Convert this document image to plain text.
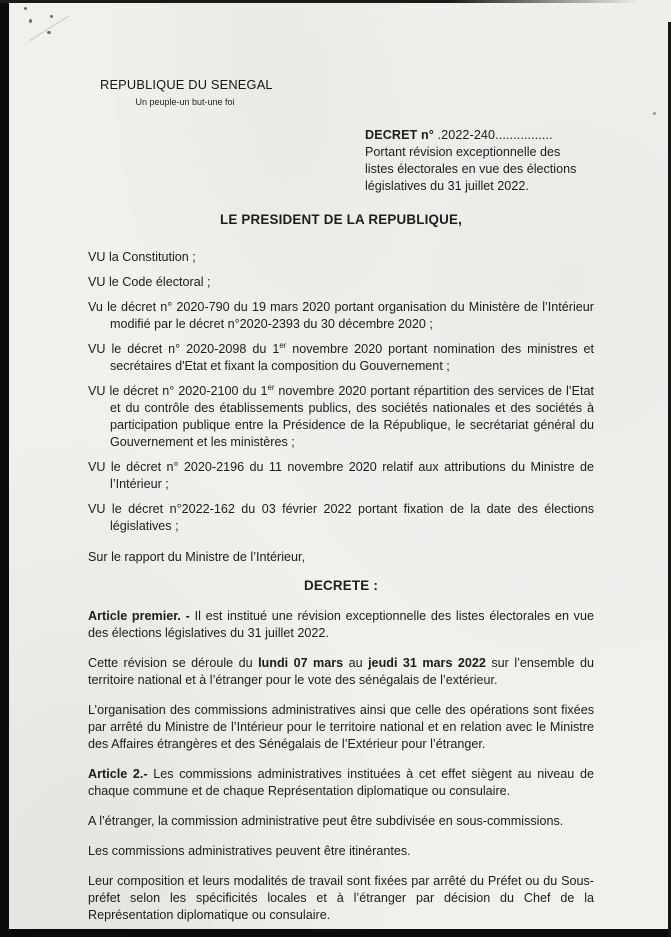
REPUBLIQUE DU SENEGAL
Un peuple-un but-une foi
DECRET n° .2022-240................
Portant révision exceptionnelle des
listes électorales en vue des élections
législatives du 31 juillet 2022.
LE PRESIDENT DE LA REPUBLIQUE,

VU la Constitution ;

VU le Code électoral ;

Vu le décret n° 2020-790 du 19 mars 2020 portant organisation du Ministère de l’Intérieur modifié par le décret n°2020-2393 du 30 décembre 2020 ;

VU le décret n° 2020-2098 du 1er novembre 2020 portant nomination des ministres et secrétaires d'Etat et fixant la composition du Gouvernement ;

VU le décret n° 2020-2100 du 1er novembre 2020 portant répartition des services de l’Etat et du contrôle des établissements publics, des sociétés nationales et des sociétés à participation publique entre la Présidence de la République, le secrétariat général du Gouvernement et les ministères ;

VU le décret n° 2020-2196 du 11 novembre 2020 relatif aux attributions du Ministre de l’Intérieur ;

VU le décret n°2022-162 du 03 février 2022 portant fixation de la date des élections législatives ;

Sur le rapport du Ministre de l’Intérieur,

DECRETE :

Article premier. - Il est institué une révision exceptionnelle des listes électorales en vue des élections législatives du 31 juillet 2022.

Cette révision se déroule du lundi 07 mars au jeudi 31 mars 2022 sur l’ensemble du territoire national et à l’étranger pour le vote des sénégalais de l’extérieur.

L’organisation des commissions administratives ainsi que celle des opérations sont fixées par arrêté du Ministre de l’Intérieur pour le territoire national et en relation avec le Ministre des Affaires étrangères et des Sénégalais de l’Extérieur pour l’étranger.

Article 2.- Les commissions administratives instituées à cet effet siègent au niveau de chaque commune et de chaque Représentation diplomatique ou consulaire.

A l’étranger, la commission administrative peut être subdivisée en sous-commissions.

Les commissions administratives peuvent être itinérantes.

Leur composition et leurs modalités de travail sont fixées par arrêté du Préfet ou du Sous-préfet selon les spécificités locales et à l’étranger par décision du Chef de la Représentation diplomatique ou consulaire.
